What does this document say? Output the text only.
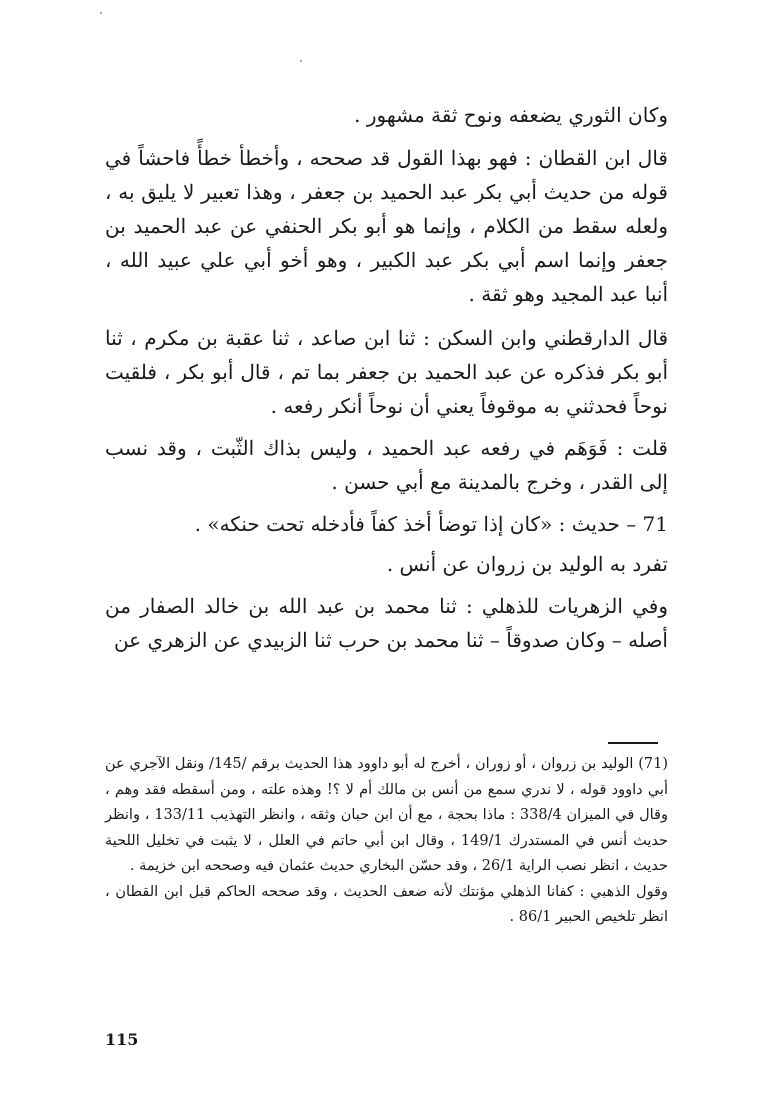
وكان الثوري يضعفه ونوح ثقة مشهور .

قال ابن القطان : فهو بهذا القول قد صححه ، وأخطأ خطأً فاحشاً في قوله من حديث أبي بكر عبد الحميد بن جعفر ، وهذا تعبير لا يليق به ، ولعله سقط من الكلام ، وإنما هو أبو بكر الحنفي عن عبد الحميد بن جعفر وإنما اسم أبي بكر عبد الكبير ، وهو أخو أبي علي عبيد الله ، أنبا عبد المجيد وهو ثقة .

قال الدارقطني وابن السكن : ثنا ابن صاعد ، ثنا عقبة بن مكرم ، ثنا أبو بكر فذكره عن عبد الحميد بن جعفر بما تم ، قال أبو بكر ، فلقيت نوحاً فحدثني به موقوفاً يعني أن نوحاً أنكر رفعه .

قلت : فَوَهَم في رفعه عبد الحميد ، وليس بذاك الثّبت ، وقد نسب إلى القدر ، وخرج بالمدينة مع أبي حسن .

71 – حديث : «كان إذا توضأ أخذ كفاً فأدخله تحت حنكه» .

تفرد به الوليد بن زروان عن أنس .

وفي الزهريات للذهلي : ثنا محمد بن عبد الله بن خالد الصفار من أصله – وكان صدوقاً – ثنا محمد بن حرب ثنا الزبيدي عن الزهري عن

(71) الوليد بن زروان ، أو زوران ، أخرج له أبو داوود هذا الحديث برقم /145/ ونقل الآجري عن أبي داوود قوله ، لا ندري سمع من أنس بن مالك أم لا ؟! وهذه علته ، ومن أسقطه فقد وهم ، وقال في الميزان 338/4 : ماذا بحجة ، مع أن ابن حبان وثقه ، وانظر التهذيب 133/11 ، وانظر حديث أنس في المستدرك 149/1 ، وقال ابن أبي حاتم في العلل ، لا يثبت في تخليل اللحية حديث ، انظر نصب الراية 26/1 ، وقد حسّن البخاري حديث عثمان فيه وصححه ابن خزيمة .

وقول الذهبي : كفانا الذهلي مؤنتك لأنه ضعف الحديث ، وقد صححه الحاكم قبل ابن القطان ، انظر تلخيص الحبير 86/1 .

115
